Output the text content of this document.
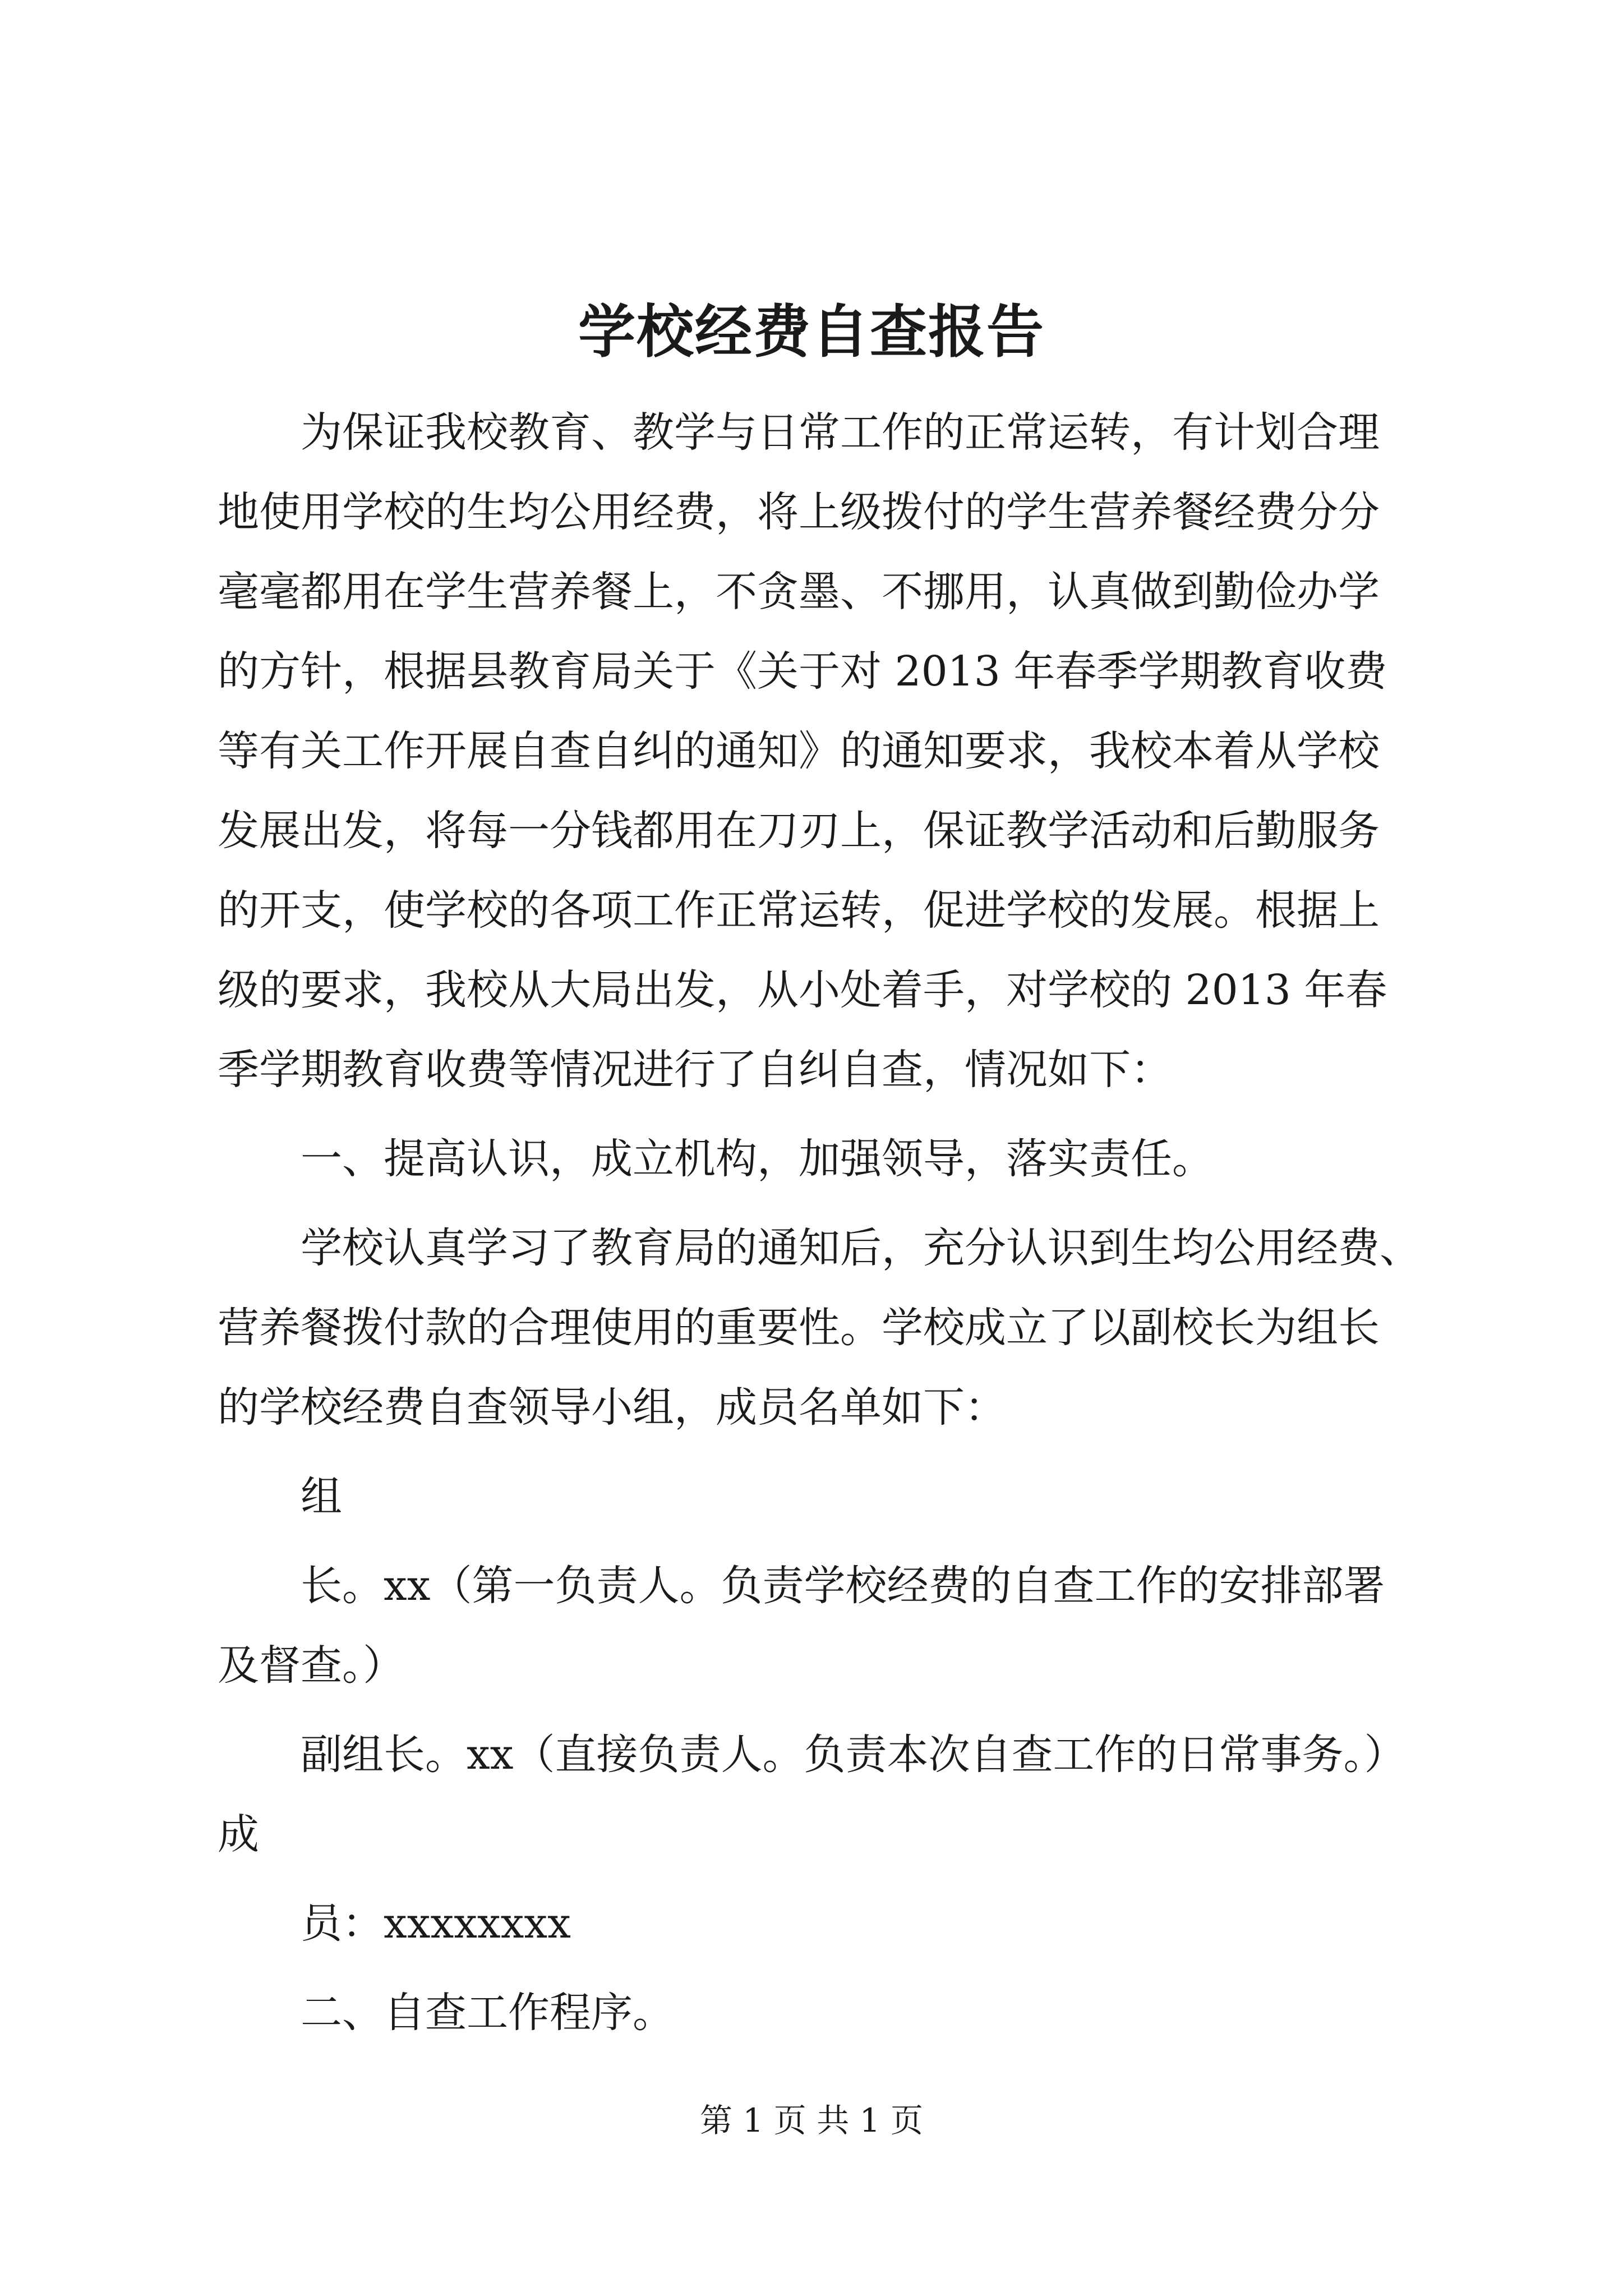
学校经费自查报告

　　为保证我校教育、教学与日常工作的正常运转，有计划合理

地使用学校的生均公用经费，将上级拨付的学生营养餐经费分分

毫毫都用在学生营养餐上，不贪墨、不挪用，认真做到勤俭办学

的方针，根据县教育局关于《关于对 2013 年春季学期教育收费

等有关工作开展自查自纠的通知》的通知要求，我校本着从学校

发展出发，将每一分钱都用在刀刃上，保证教学活动和后勤服务

的开支，使学校的各项工作正常运转，促进学校的发展。根据上

级的要求，我校从大局出发，从小处着手，对学校的 2013 年春

季学期教育收费等情况进行了自纠自查，情况如下：

　　一、提高认识，成立机构，加强领导，落实责任。

　　学校认真学习了教育局的通知后，充分认识到生均公用经费、

营养餐拨付款的合理使用的重要性。学校成立了以副校长为组长

的学校经费自查领导小组，成员名单如下：

　　组

　　长。xx（第一负责人。负责学校经费的自查工作的安排部署

及督查。）

　　副组长。xx（直接负责人。负责本次自查工作的日常事务。）

成

　　员：xxxxxxxx

　　二、自查工作程序。

第 1 页 共 1 页
